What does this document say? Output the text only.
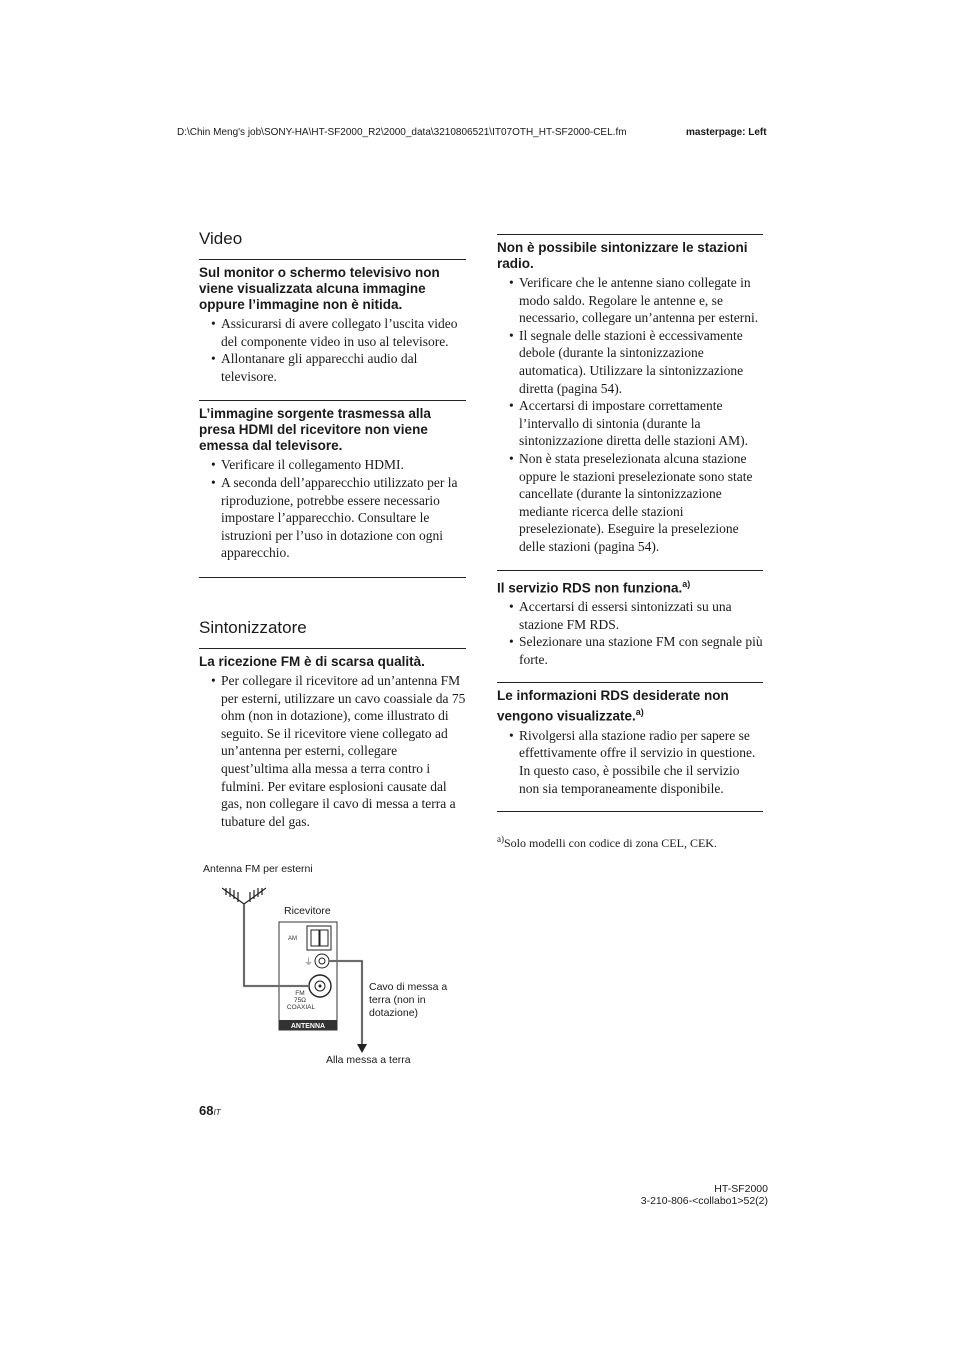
D:\Chin Meng's job\SONY-HA\HT-SF2000_R2\2000_data\3210806521\IT07OTH_HT-SF2000-CEL.fm	masterpage: Left
Video

Sul monitor o schermo televisivo non viene visualizzata alcuna immagine oppure l’immagine non è nitida.

• Assicurarsi di avere collegato l’uscita video del componente video in uso al televisore.
• Allontanare gli apparecchi audio dal televisore.

L’immagine sorgente trasmessa alla presa HDMI del ricevitore non viene emessa dal televisore.

• Verificare il collegamento HDMI.
• A seconda dell’apparecchio utilizzato per la riproduzione, potrebbe essere necessario impostare l’apparecchio. Consultare le istruzioni per l’uso in dotazione con ogni apparecchio.
Sintonizzatore

La ricezione FM è di scarsa qualità.

• Per collegare il ricevitore ad un’antenna FM per esterni, utilizzare un cavo coassiale da 75 ohm (non in dotazione), come illustrato di seguito. Se il ricevitore viene collegato ad un’antenna per esterni, collegare quest’ultima alla messa a terra contro i fulmini. Per evitare esplosioni causate dal gas, non collegare il cavo di messa a terra a tubature del gas.
Antenna FM per esterni
Ricevitore
Cavo di messa a terra (non in dotazione)
Alla messa a terra
ANTENNA
AM
⏚
FM
75Ω
COAXIAL

Non è possibile sintonizzare le stazioni radio.

• Verificare che le antenne siano collegate in modo saldo. Regolare le antenne e, se necessario, collegare un’antenna per esterni.
• Il segnale delle stazioni è eccessivamente debole (durante la sintonizzazione automatica). Utilizzare la sintonizzazione diretta (pagina 54).
• Accertarsi di impostare correttamente l’intervallo di sintonia (durante la sintonizzazione diretta delle stazioni AM).
• Non è stata preselezionata alcuna stazione oppure le stazioni preselezionate sono state cancellate (durante la sintonizzazione mediante ricerca delle stazioni preselezionate). Eseguire la preselezione delle stazioni (pagina 54).

Il servizio RDS non funziona.$^{a)}$

• Accertarsi di essersi sintonizzati su una stazione FM RDS.
• Selezionare una stazione FM con segnale più forte.

Le informazioni RDS desiderate non vengono visualizzate.$^{a)}$

• Rivolgersi alla stazione radio per sapere se effettivamente offre il servizio in questione. In questo caso, è possibile che il servizio non sia temporaneamente disponibile.
$^{a)}$Solo modelli con codice di zona CEL, CEK.
68IT
HT-SF2000
3-210-806-<collabo1>52(2)
